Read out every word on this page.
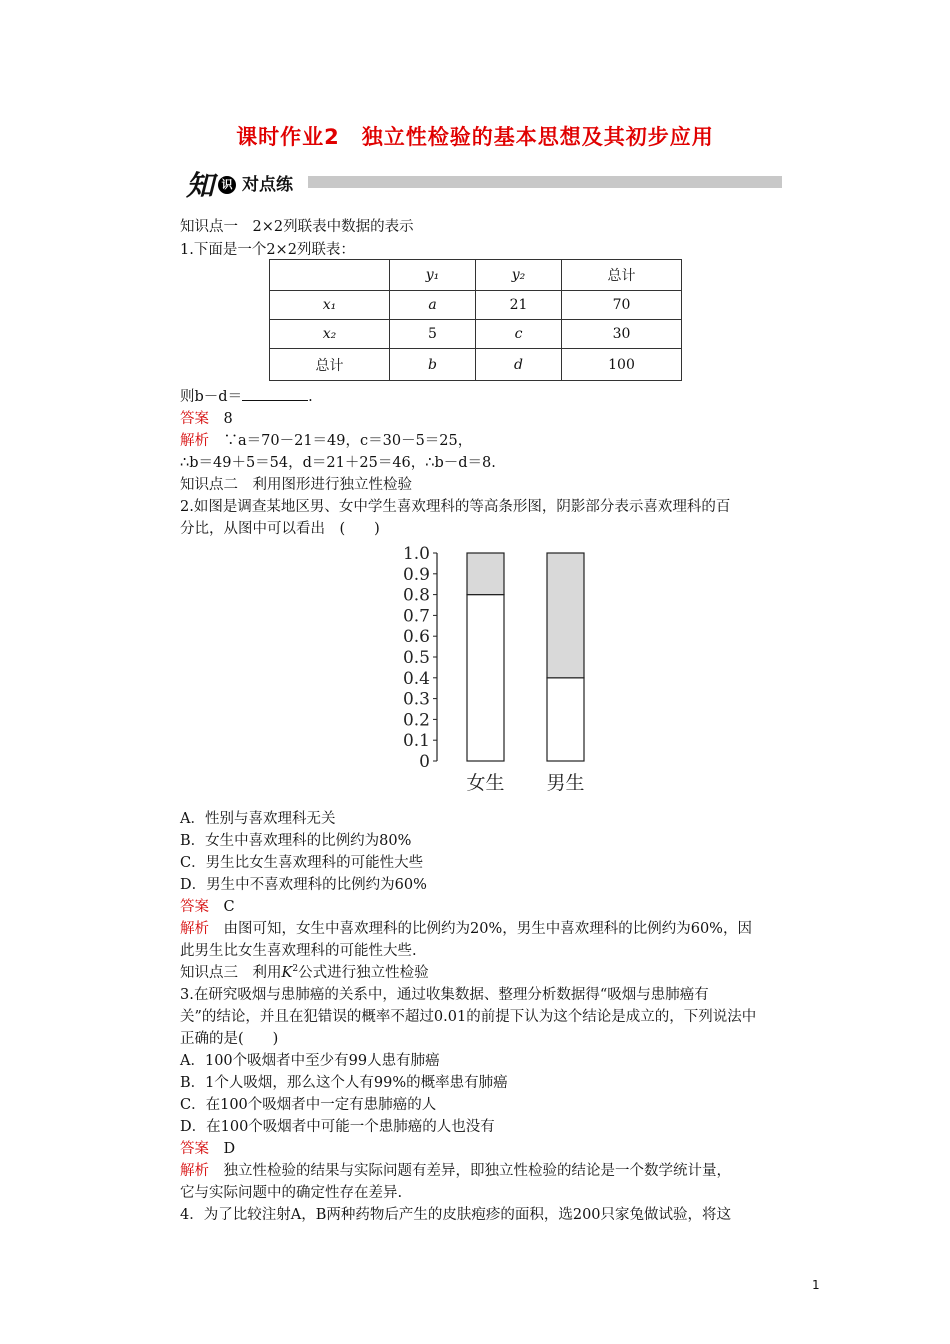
课时作业2　独立性检验的基本思想及其初步应用
知 识 对点练
知识点一　2×2列联表中数据的表示
1.下面是一个2×2列联表：
	y₁	y₂	总计
x₁	a	21	70
x₂	5	c	30
总计	b	d	100
则b－d＝	.
答案　 8
解析　 ∵a＝70－21＝49，c＝30－5＝25，
∴b＝49＋5＝54，d＝21＋25＝46，∴b－d＝8.
知识点二　利用图形进行独立性检验
2.如图是调查某地区男、女中学生喜欢理科的等高条形图，阴影部分表示喜欢理科的百
分比，从图中可以看出　(　　)
0
0.1
0.2
0.3
0.4
0.5
0.6
0.7
0.8
0.9
1.0
女生 男生
A．性别与喜欢理科无关
B．女生中喜欢理科的比例约为80%
C．男生比女生喜欢理科的可能性大些
D．男生中不喜欢理科的比例约为60%
答案　 C
解析　 由图可知，女生中喜欢理科的比例约为20%，男生中喜欢理科的比例约为60%，因
此男生比女生喜欢理科的可能性大些.
知识点三　利用$K^2$公式进行独立性检验
3.在研究吸烟与患肺癌的关系中，通过收集数据、整理分析数据得“吸烟与患肺癌有
关”的结论，并且在犯错误的概率不超过0.01的前提下认为这个结论是成立的，下列说法中
正确的是(　　)
A．100个吸烟者中至少有99人患有肺癌
B．1个人吸烟，那么这个人有99%的概率患有肺癌
C．在100个吸烟者中一定有患肺癌的人
D．在100个吸烟者中可能一个患肺癌的人也没有
答案　 D
解析　 独立性检验的结果与实际问题有差异，即独立性检验的结论是一个数学统计量，
它与实际问题中的确定性存在差异.
4．为了比较注射A，B两种药物后产生的皮肤疱疹的面积，选200只家兔做试验，将这
1
